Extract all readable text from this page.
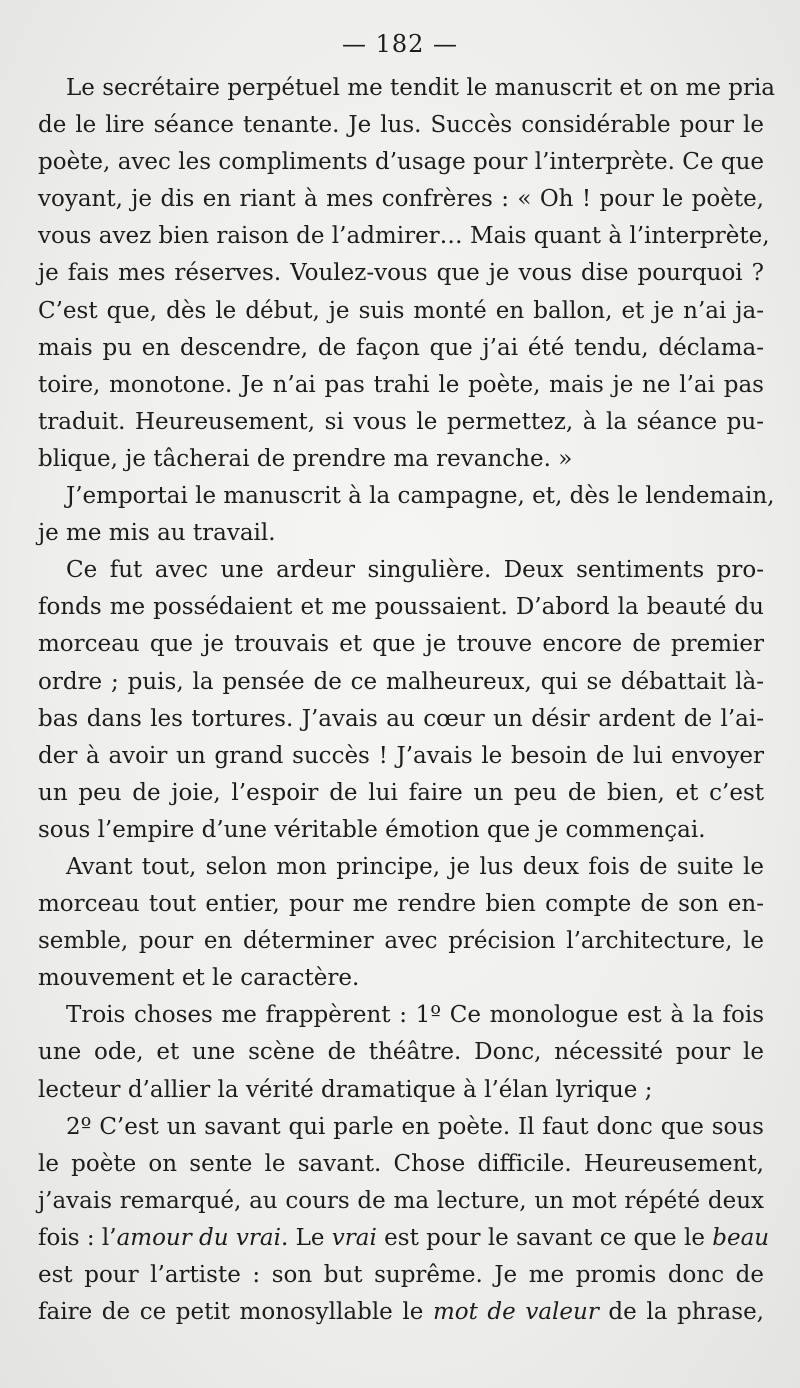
— 182 —
Le secrétaire perpétuel me tendit le manuscrit et on me pria
de le lire séance tenante. Je lus. Succès considérable pour le
poète, avec les compliments d’usage pour l’interprète. Ce que
voyant, je dis en riant à mes confrères : « Oh ! pour le poète,
vous avez bien raison de l’admirer… Mais quant à l’interprète,
je fais mes réserves. Voulez-vous que je vous dise pourquoi ?
C’est que, dès le début, je suis monté en ballon, et je n’ai ja-
mais pu en descendre, de façon que j’ai été tendu, déclama-
toire, monotone. Je n’ai pas trahi le poète, mais je ne l’ai pas
traduit. Heureusement, si vous le permettez, à la séance pu-
blique, je tâcherai de prendre ma revanche. »
J’emportai le manuscrit à la campagne, et, dès le lendemain,
je me mis au travail.
Ce fut avec une ardeur singulière. Deux sentiments pro-
fonds me possédaient et me poussaient. D’abord la beauté du
morceau que je trouvais et que je trouve encore de premier
ordre ; puis, la pensée de ce malheureux, qui se débattait là-
bas dans les tortures. J’avais au cœur un désir ardent de l’ai-
der à avoir un grand succès ! J’avais le besoin de lui envoyer
un peu de joie, l’espoir de lui faire un peu de bien, et c’est
sous l’empire d’une véritable émotion que je commençai.
Avant tout, selon mon principe, je lus deux fois de suite le
morceau tout entier, pour me rendre bien compte de son en-
semble, pour en déterminer avec précision l’architecture, le
mouvement et le caractère.
Trois choses me frappèrent : 1º Ce monologue est à la fois
une ode, et une scène de théâtre. Donc, nécessité pour le
lecteur d’allier la vérité dramatique à l’élan lyrique ;
2º C’est un savant qui parle en poète. Il faut donc que sous
le poète on sente le savant. Chose difficile. Heureusement,
j’avais remarqué, au cours de ma lecture, un mot répété deux
fois : l’amour du vrai. Le vrai est pour le savant ce que le beau
est pour l’artiste : son but suprême. Je me promis donc de
faire de ce petit monosyllable le mot de valeur de la phrase,
